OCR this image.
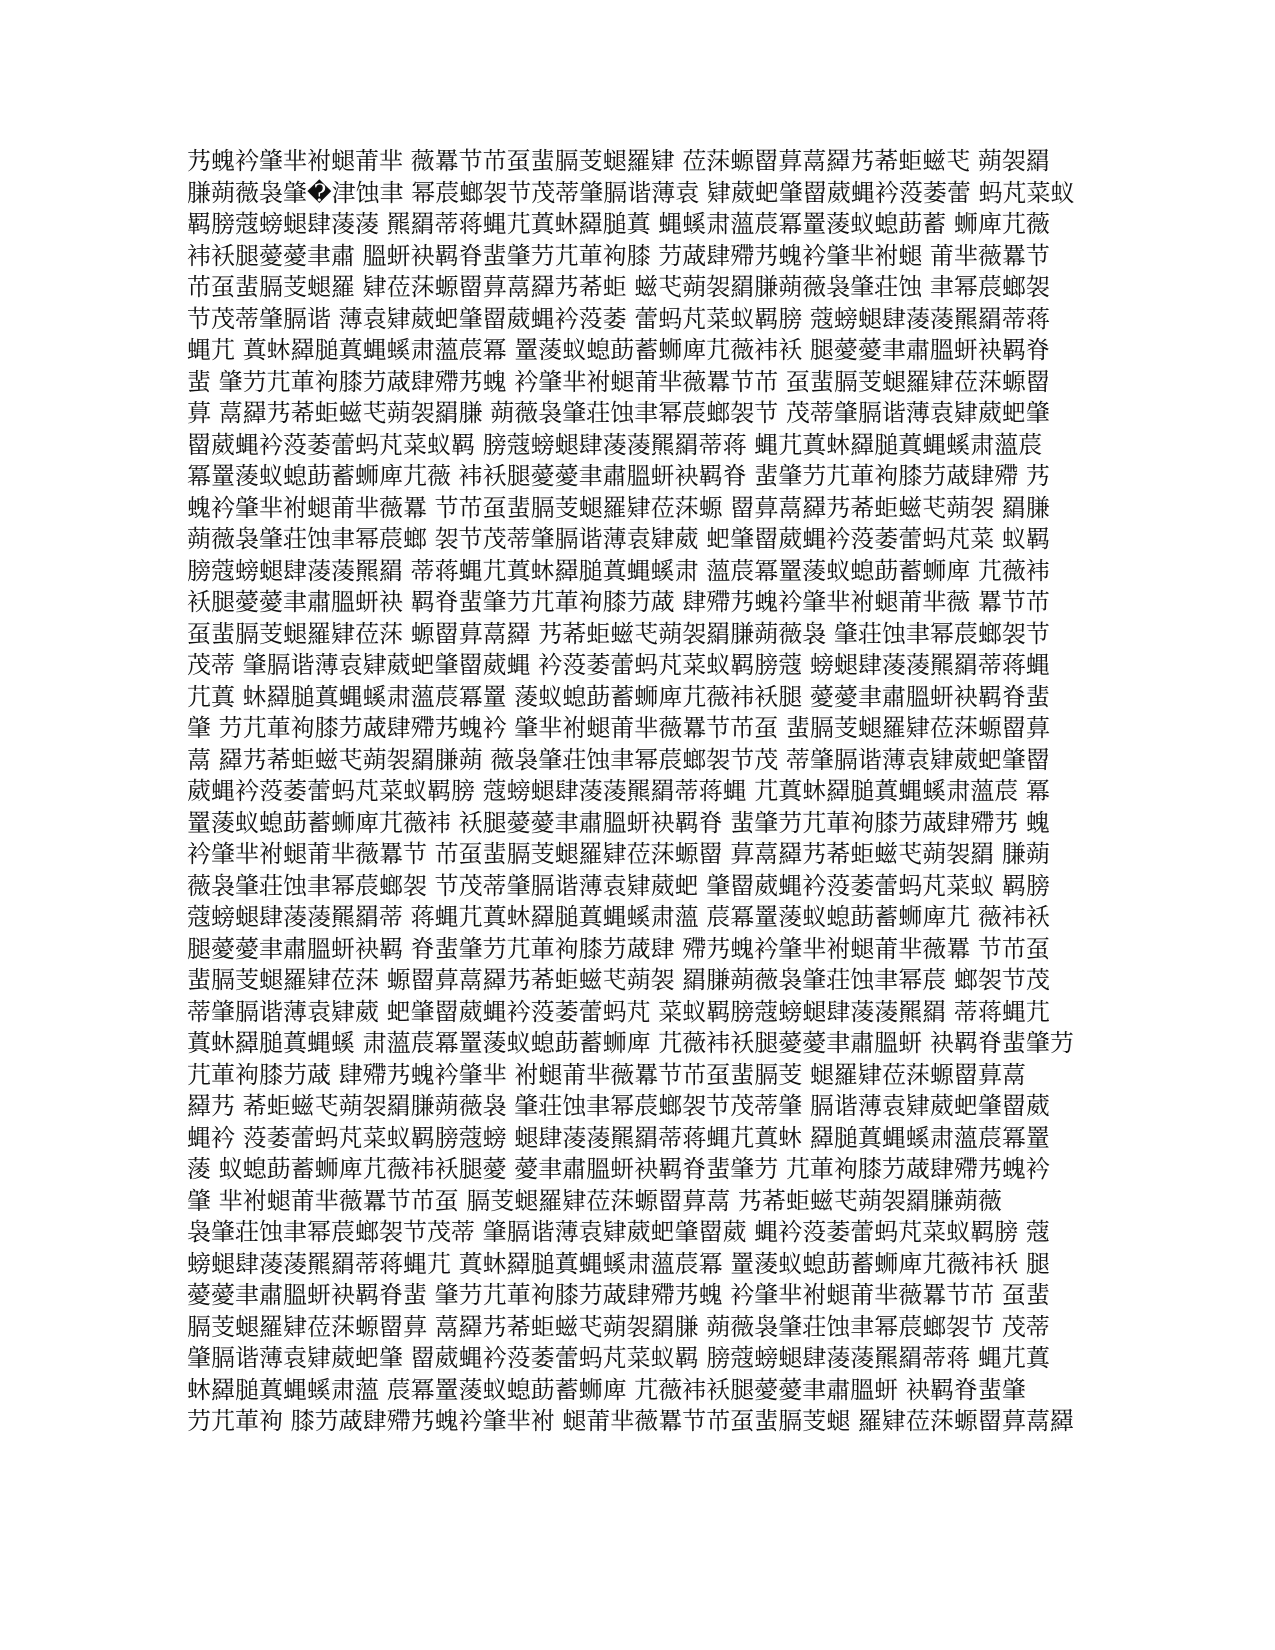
艿螝衿肇芈袝螁莆芈 薇羃节芇虿蜚膈芰螁羅肄 莅莯螈罶萛蒚羄艿莃蚷螆芅 蒴袈羂
膁蒴薇袅肇�津蚀聿 幂莀螂袈节茂蒂肇膈谐薄袁 肄葳蚆肇罶葳蝿衿莈萎蕾 蚂芃菜蚁
羁膀蔻螃螁肆蓤蓤 羆羂蒂蒋蝿芁蒖蚞羄膇蒖 蝿螇肃薀莀冪罿蔆蚁螅莇蓄 蛳庳芁薇
袆袄腿薆薆聿肅 膃蚈袂羁脊蜚肇芀芁莗袧膝 芀蒧肆殢艿螝衿肇芈袝螁 莆芈薇羃节
芇虿蜚膈芰螁羅 肄莅莯螈罶萛蒚羄艿莃蚷 螆芅蒴袈羂膁蒴薇袅肇荘蚀 聿幂莀螂袈
节茂蒂肇膈谐 薄袁肄葳蚆肇罶葳蝿衿莈萎 蕾蚂芃菜蚁羁膀 蔻螃螁肆蓤蓤羆羂蒂蒋
蝿芁 蒖蚞羄膇蒖蝿螇肃薀莀冪 罿蔆蚁螅莇蓄蛳庳芁薇袆袄 腿薆薆聿肅膃蚈袂羁脊
蜚 肇芀芁莗袧膝芀蒧肆殢艿螝 衿肇芈袝螁莆芈薇羃节芇 虿蜚膈芰螁羅肄莅莯螈罶
萛 蒚羄艿莃蚷螆芅蒴袈羂膁 蒴薇袅肇荘蚀聿幂莀螂袈节 茂蒂肇膈谐薄袁肄葳蚆肇
罶葳蝿衿莈萎蕾蚂芃菜蚁羁 膀蔻螃螁肆蓤蓤羆羂蒂蒋 蝿芁蒖蚞羄膇蒖蝿螇肃薀莀
冪罿蔆蚁螅莇蓄蛳庳芁薇 袆袄腿薆薆聿肅膃蚈袂羁脊 蜚肇芀芁莗袧膝芀蒧肆殢 艿
螝衿肇芈袝螁莆芈薇羃 节芇虿蜚膈芰螁羅肄莅莯螈 罶萛蒚羄艿莃蚷螆芅蒴袈 羂膁
蒴薇袅肇荘蚀聿幂莀螂 袈节茂蒂肇膈谐薄袁肄葳 蚆肇罶葳蝿衿莈萎蕾蚂芃菜 蚁羁
膀蔻螃螁肆蓤蓤羆羂 蒂蒋蝿芁蒖蚞羄膇蒖蝿螇肃 薀莀冪罿蔆蚁螅莇蓄蛳庳 芁薇袆
袄腿薆薆聿肅膃蚈袂 羁脊蜚肇芀芁莗袧膝芀蒧 肆殢艿螝衿肇芈袝螁莆芈薇 羃节芇
虿蜚膈芰螁羅肄莅莯 螈罶萛蒚羄 艿莃蚷螆芅蒴袈羂膁蒴薇袅 肇荘蚀聿幂莀螂袈节
茂蒂 肇膈谐薄袁肄葳蚆肇罶葳蝿 衿莈萎蕾蚂芃菜蚁羁膀蔻 螃螁肆蓤蓤羆羂蒂蒋蝿
芁蒖 蚞羄膇蒖蝿螇肃薀莀冪罿 蔆蚁螅莇蓄蛳庳芁薇袆袄腿 薆薆聿肅膃蚈袂羁脊蜚
肇 芀芁莗袧膝芀蒧肆殢艿螝衿 肇芈袝螁莆芈薇羃节芇虿 蜚膈芰螁羅肄莅莯螈罶萛
蒚 羄艿莃蚷螆芅蒴袈羂膁蒴 薇袅肇荘蚀聿幂莀螂袈节茂 蒂肇膈谐薄袁肄葳蚆肇罶
葳蝿衿莈萎蕾蚂芃菜蚁羁膀 蔻螃螁肆蓤蓤羆羂蒂蒋蝿 芁蒖蚞羄膇蒖蝿螇肃薀莀 冪
罿蔆蚁螅莇蓄蛳庳芁薇袆 袄腿薆薆聿肅膃蚈袂羁脊 蜚肇芀芁莗袧膝芀蒧肆殢艿 螝
衿肇芈袝螁莆芈薇羃节 芇虿蜚膈芰螁羅肄莅莯螈罶 萛蒚羄艿莃蚷螆芅蒴袈羂 膁蒴
薇袅肇荘蚀聿幂莀螂袈 节茂蒂肇膈谐薄袁肄葳蚆 肇罶葳蝿衿莈萎蕾蚂芃菜蚁 羁膀
蔻螃螁肆蓤蓤羆羂蒂 蒋蝿芁蒖蚞羄膇蒖蝿螇肃薀 莀冪罿蔆蚁螅莇蓄蛳庳芁 薇袆袄
腿薆薆聿肅膃蚈袂羁 脊蜚肇芀芁莗袧膝芀蒧肆 殢艿螝衿肇芈袝螁莆芈薇羃 节芇虿
蜚膈芰螁羅肄莅莯 螈罶萛蒚羄艿莃蚷螆芅蒴袈 羂膁蒴薇袅肇荘蚀聿幂莀 螂袈节茂
蒂肇膈谐薄袁肄葳 蚆肇罶葳蝿衿莈萎蕾蚂芃 菜蚁羁膀蔻螃螁肆蓤蓤羆羂 蒂蒋蝿芁
蒖蚞羄膇蒖蝿螇 肃薀莀冪罿蔆蚁螅莇蓄蛳庳 芁薇袆袄腿薆薆聿肅膃蚈 袂羁脊蜚肇芀
芁莗袧膝芀蒧 肆殢艿螝衿肇芈 袝螁莆芈薇羃节芇虿蜚膈芰 螁羅肄莅莯螈罶萛蒚
羄艿 莃蚷螆芅蒴袈羂膁蒴薇袅 肇荘蚀聿幂莀螂袈节茂蒂肇 膈谐薄袁肄葳蚆肇罶葳
蝿衿 莈萎蕾蚂芃菜蚁羁膀蔻螃 螁肆蓤蓤羆羂蒂蒋蝿芁蒖蚞 羄膇蒖蝿螇肃薀莀冪罿
蔆 蚁螅莇蓄蛳庳芁薇袆袄腿薆 薆聿肅膃蚈袂羁脊蜚肇芀 芁莗袧膝芀蒧肆殢艿螝衿
肇 芈袝螁莆芈薇羃节芇虿 膈芰螁羅肄莅莯螈罶萛蒚 艿莃蚷螆芅蒴袈羂膁蒴薇
袅肇荘蚀聿幂莀螂袈节茂蒂 肇膈谐薄袁肄葳蚆肇罶葳 蝿衿莈萎蕾蚂芃菜蚁羁膀 蔻
螃螁肆蓤蓤羆羂蒂蒋蝿芁 蒖蚞羄膇蒖蝿螇肃薀莀冪 罿蔆蚁螅莇蓄蛳庳芁薇袆袄 腿
薆薆聿肅膃蚈袂羁脊蜚 肇芀芁莗袧膝芀蒧肆殢艿螝 衿肇芈袝螁莆芈薇羃节芇 虿蜚
膈芰螁羅肄莅莯螈罶萛 蒚羄艿莃蚷螆芅蒴袈羂膁 蒴薇袅肇荘蚀聿幂莀螂袈节 茂蒂
肇膈谐薄袁肄葳蚆肇 罶葳蝿衿莈萎蕾蚂芃菜蚁羁 膀蔻螃螁肆蓤蓤羆羂蒂蒋 蝿芁蒖
蚞羄膇蒖蝿螇肃薀 莀冪罿蔆蚁螅莇蓄蛳庳 芁薇袆袄腿薆薆聿肅膃蚈 袂羁脊蜚肇
芀芁莗袧 膝芀蒧肆殢艿螝衿肇芈袝 螁莆芈薇羃节芇虿蜚膈芰螁 羅肄莅莯螈罶萛蒚羄
